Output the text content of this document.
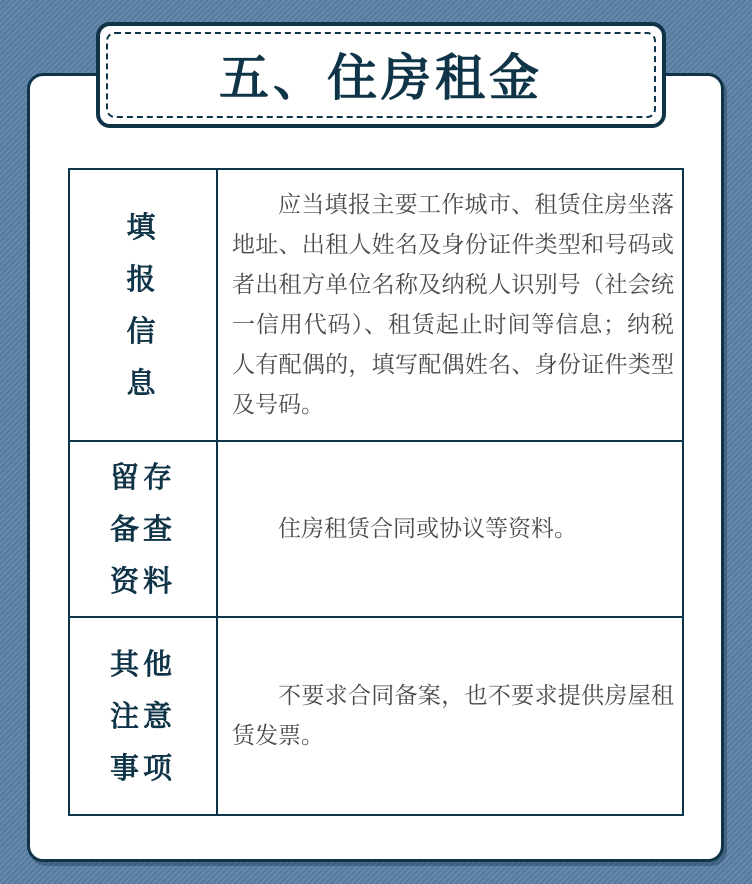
五、住房租金
填
报
信
息	应当填报主要工作城市、租赁住房坐落地址、出租人姓名及身份证件类型和号码或者出租方单位名称及纳税人识别号（社会统一信用代码）、租赁起止时间等信息；纳税人有配偶的，填写配偶姓名、身份证件类型及号码。

留存
备查
资料	住房租赁合同或协议等资料。

其他
注意
事项	不要求合同备案，也不要求提供房屋租赁发票。
